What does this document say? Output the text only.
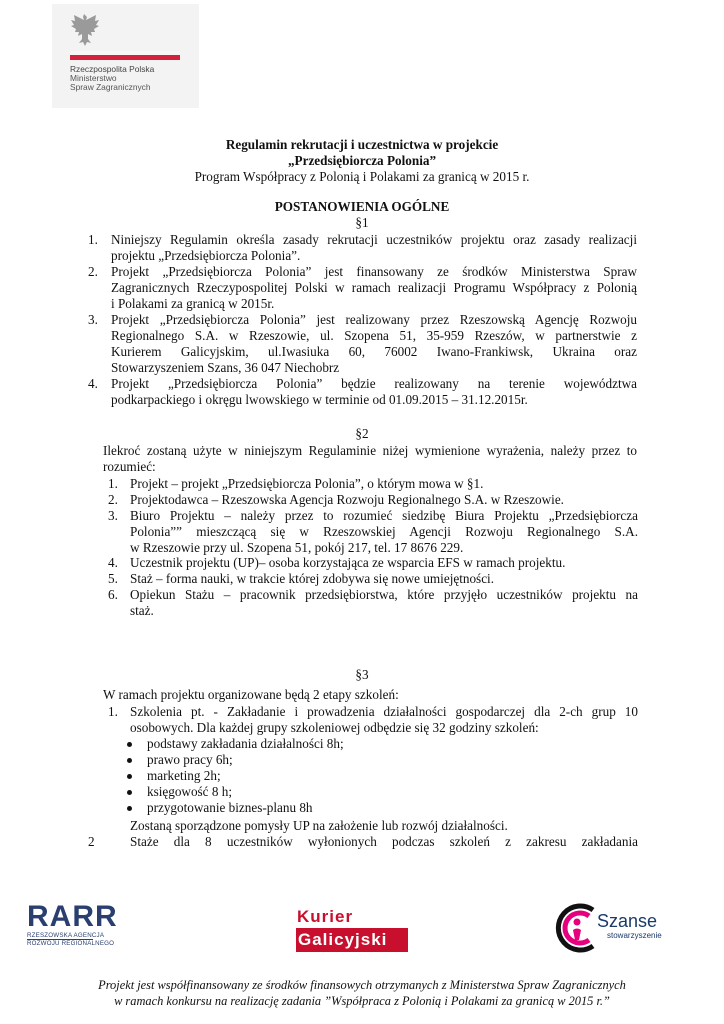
Rzeczpospolita Polska
Ministerstwo
Spraw Zagranicznych
Regulamin rekrutacji i uczestnictwa w projekcie
„Przedsiębiorcza Polonia”
Program Współpracy z Polonią i Polakami za granicą w 2015 r.
POSTANOWIENIA OGÓLNE
§1
1. Niniejszy Regulamin określa zasady rekrutacji uczestników projektu oraz zasady realizacji
projektu „Przedsiębiorcza Polonia”.
2. Projekt „Przedsiębiorcza Polonia” jest finansowany ze środków Ministerstwa Spraw
Zagranicznych Rzeczypospolitej Polski w ramach realizacji Programu Współpracy z Polonią
i Polakami za granicą w 2015r.
3. Projekt „Przedsiębiorcza Polonia” jest realizowany przez Rzeszowską Agencję Rozwoju
Regionalnego S.A. w Rzeszowie, ul. Szopena 51, 35-959 Rzeszów, w partnerstwie z
Kurierem Galicyjskim, ul.Iwasiuka 60, 76002 Iwano-Frankiwsk, Ukraina oraz
Stowarzyszeniem Szans, 36 047 Niechobrz
4. Projekt „Przedsiębiorcza Polonia” będzie realizowany na terenie województwa
podkarpackiego i okręgu lwowskiego w terminie od 01.09.2015 – 31.12.2015r.
§2
Ilekroć zostaną użyte w niniejszym Regulaminie niżej wymienione wyrażenia, należy przez to
rozumieć:
1. Projekt – projekt „Przedsiębiorcza Polonia”, o którym mowa w §1.
2. Projektodawca – Rzeszowska Agencja Rozwoju Regionalnego S.A. w Rzeszowie.
3. Biuro Projektu – należy przez to rozumieć siedzibę Biura Projektu „Przedsiębiorcza
Polonia”” mieszczącą się w Rzeszowskiej Agencji Rozwoju Regionalnego S.A.
w Rzeszowie przy ul. Szopena 51, pokój 217, tel. 17 8676 229.
4. Uczestnik projektu (UP)– osoba korzystająca ze wsparcia EFS w ramach projektu.
5. Staż – forma nauki, w trakcie której zdobywa się nowe umiejętności.
6. Opiekun Stażu – pracownik przedsiębiorstwa, które przyjęło uczestników projektu na
staż.
§3
W ramach projektu organizowane będą 2 etapy szkoleń:
1. Szkolenia pt. - Zakładanie i prowadzenia działalności gospodarczej dla 2-ch grup 10
osobowych. Dla każdej grupy szkoleniowej odbędzie się 32 godziny szkoleń:
podstawy zakładania działalności 8h;
prawo pracy 6h;
marketing 2h;
księgowość 8 h;
przygotowanie biznes-planu 8h
Zostaną sporządzone pomysły UP na założenie lub rozwój działalności.
2	Staże dla 8 uczestników wyłonionych podczas szkoleń z zakresu zakładania
RARR
RZESZOWSKA AGENCJA
ROZWOJU REGIONALNEGO
Kurier
Galicyjski
Szanse
stowarzyszenie
Projekt jest współfinansowany ze środków finansowych otrzymanych z Ministerstwa Spraw Zagranicznych
w ramach konkursu na realizację zadania ”Współpraca z Polonią i Polakami za granicą w 2015 r.”
